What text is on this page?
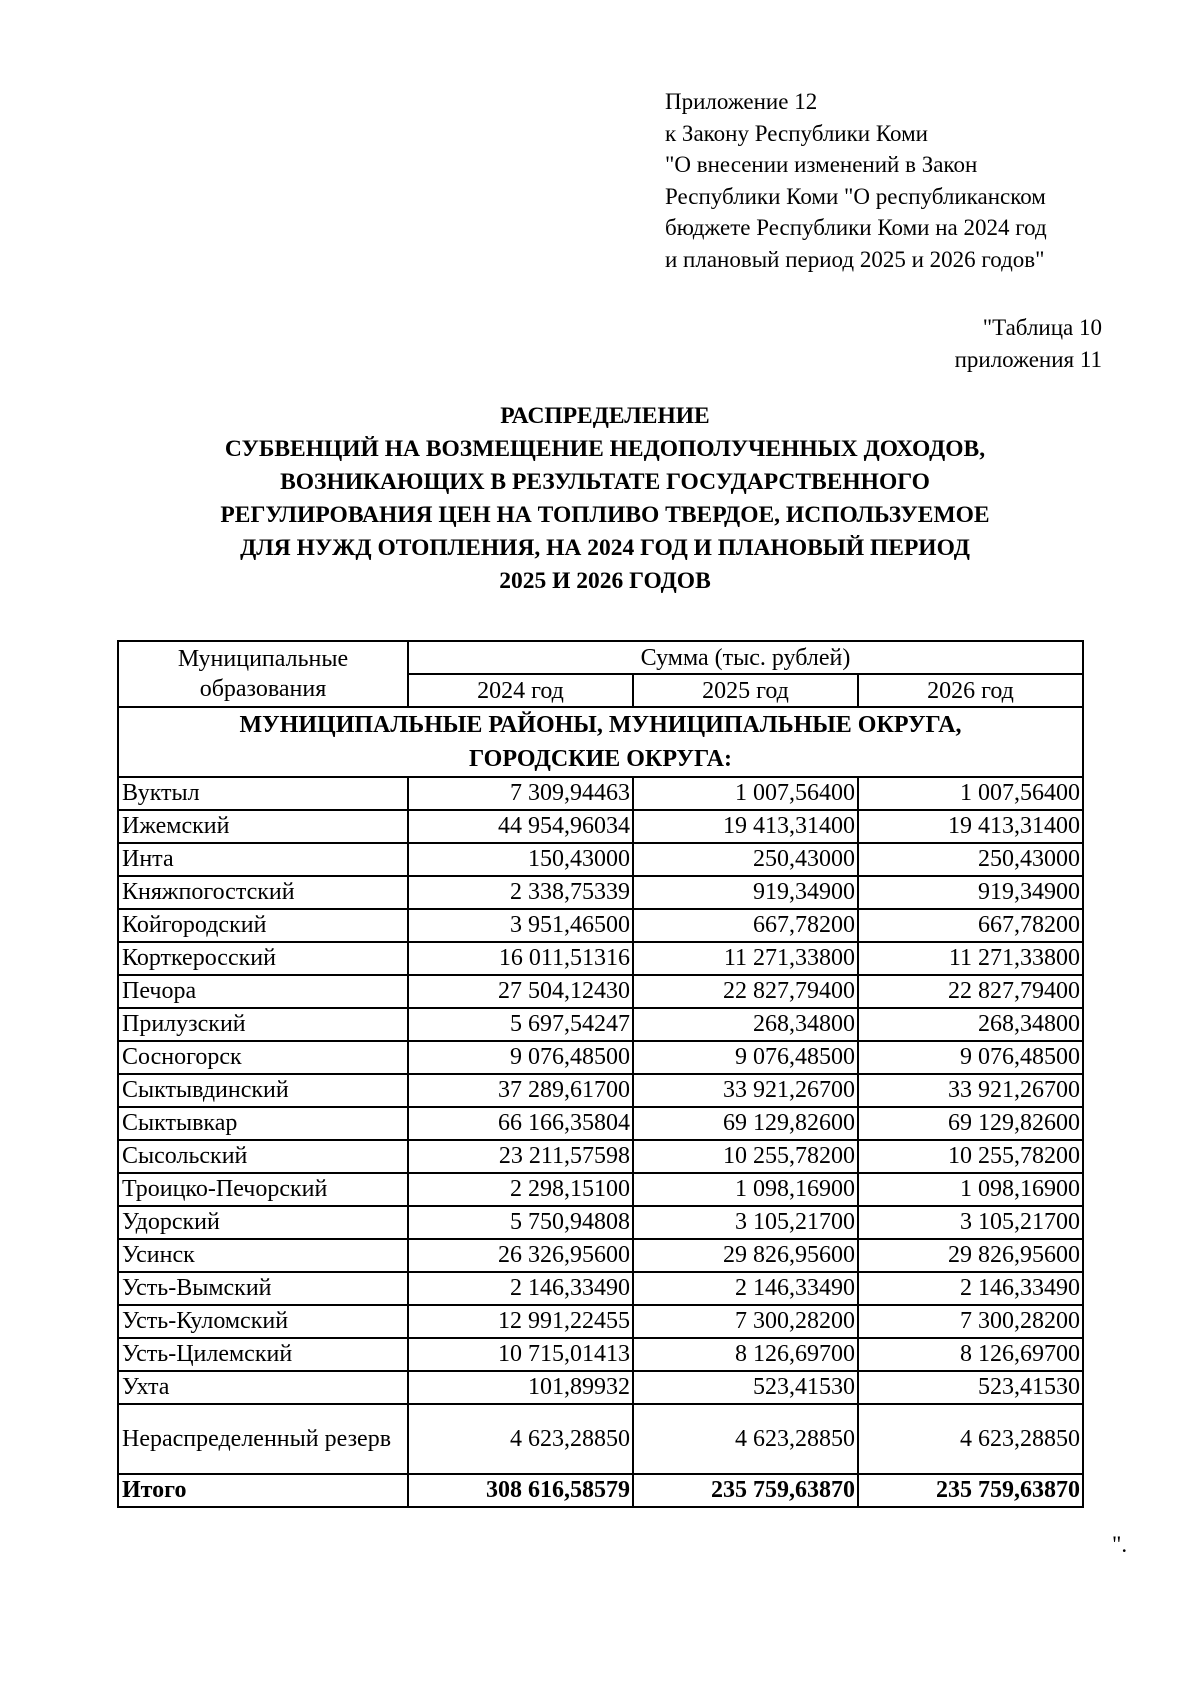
Приложение 12
к Закону Республики Коми
"О внесении изменений в Закон
Республики Коми "О республиканском
бюджете Республики Коми на 2024 год
и плановый период 2025 и 2026 годов"
"Таблица 10
приложения 11
РАСПРЕДЕЛЕНИЕ
СУБВЕНЦИЙ НА ВОЗМЕЩЕНИЕ НЕДОПОЛУЧЕННЫХ ДОХОДОВ,
ВОЗНИКАЮЩИХ В РЕЗУЛЬТАТЕ ГОСУДАРСТВЕННОГО
РЕГУЛИРОВАНИЯ ЦЕН НА ТОПЛИВО ТВЕРДОЕ, ИСПОЛЬЗУЕМОЕ
ДЛЯ НУЖД ОТОПЛЕНИЯ, НА 2024 ГОД И ПЛАНОВЫЙ ПЕРИОД
2025 И 2026 ГОДОВ
Муниципальные
образования	Сумма (тыс. рублей)		
	2024 год	2025 год	2026 год
МУНИЦИПАЛЬНЫЕ РАЙОНЫ, МУНИЦИПАЛЬНЫЕ ОКРУГА,
ГОРОДСКИЕ ОКРУГА:			
Вуктыл	7 309,94463	1 007,56400	1 007,56400
Ижемский	44 954,96034	19 413,31400	19 413,31400
Инта	150,43000	250,43000	250,43000
Княжпогостский	2 338,75339	919,34900	919,34900
Койгородский	3 951,46500	667,78200	667,78200
Корткеросский	16 011,51316	11 271,33800	11 271,33800
Печора	27 504,12430	22 827,79400	22 827,79400
Прилузский	5 697,54247	268,34800	268,34800
Сосногорск	9 076,48500	9 076,48500	9 076,48500
Сыктывдинский	37 289,61700	33 921,26700	33 921,26700
Сыктывкар	66 166,35804	69 129,82600	69 129,82600
Сысольский	23 211,57598	10 255,78200	10 255,78200
Троицко-Печорский	2 298,15100	1 098,16900	1 098,16900
Удорский	5 750,94808	3 105,21700	3 105,21700
Усинск	26 326,95600	29 826,95600	29 826,95600
Усть-Вымский	2 146,33490	2 146,33490	2 146,33490
Усть-Куломский	12 991,22455	7 300,28200	7 300,28200
Усть-Цилемский	10 715,01413	8 126,69700	8 126,69700
Ухта	101,89932	523,41530	523,41530
Нераспределенный резерв	4 623,28850	4 623,28850	4 623,28850
Итого	308 616,58579	235 759,63870	235 759,63870
".
